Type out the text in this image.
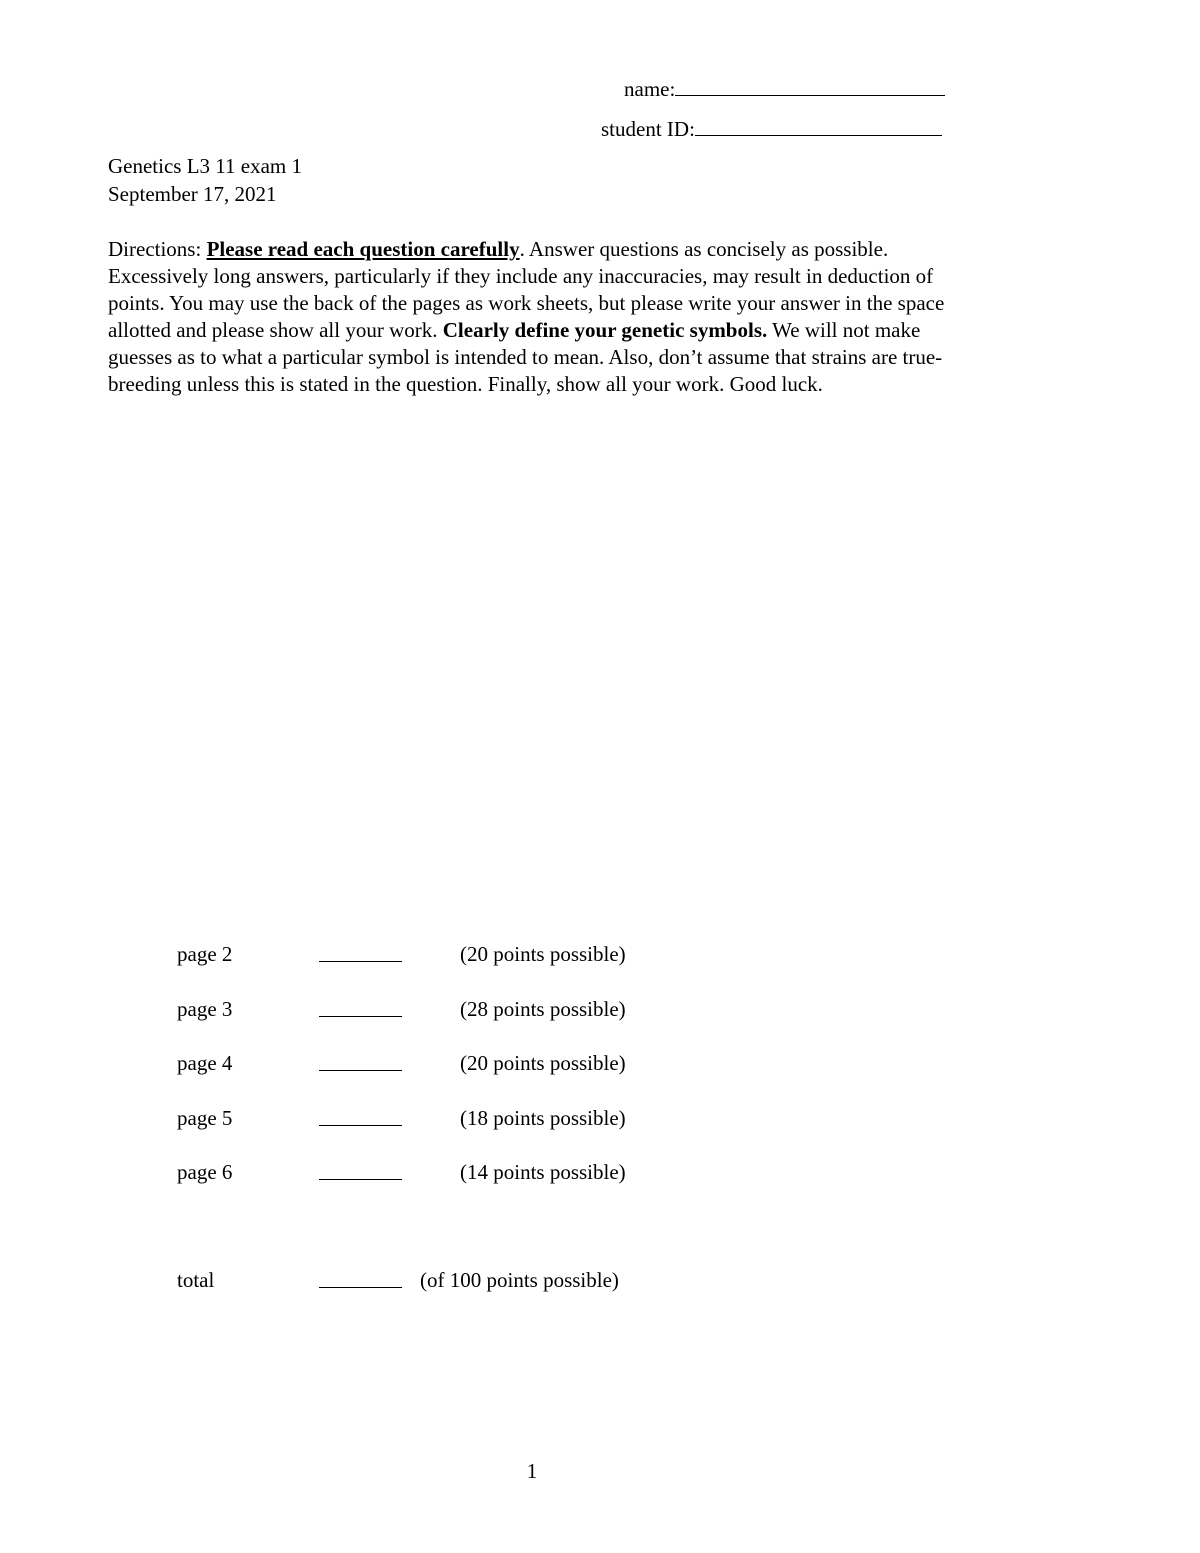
name:
student ID:
Genetics L3 11 exam 1
September 17, 2021
Directions: Please read each question carefully. Answer questions as concisely as possible.
Excessively long answers, particularly if they include any inaccuracies, may result in deduction of
points. You may use the back of the pages as work sheets, but please write your answer in the space
allotted and please show all your work. Clearly define your genetic symbols. We will not make
guesses as to what a particular symbol is intended to mean. Also, don’t assume that strains are true-
breeding unless this is stated in the question. Finally, show all your work. Good luck.
page 2	(20 points possible)
page 3	(28 points possible)
page 4	(20 points possible)
page 5	(18 points possible)
page 6	(14 points possible)
total	(of 100 points possible)
1
